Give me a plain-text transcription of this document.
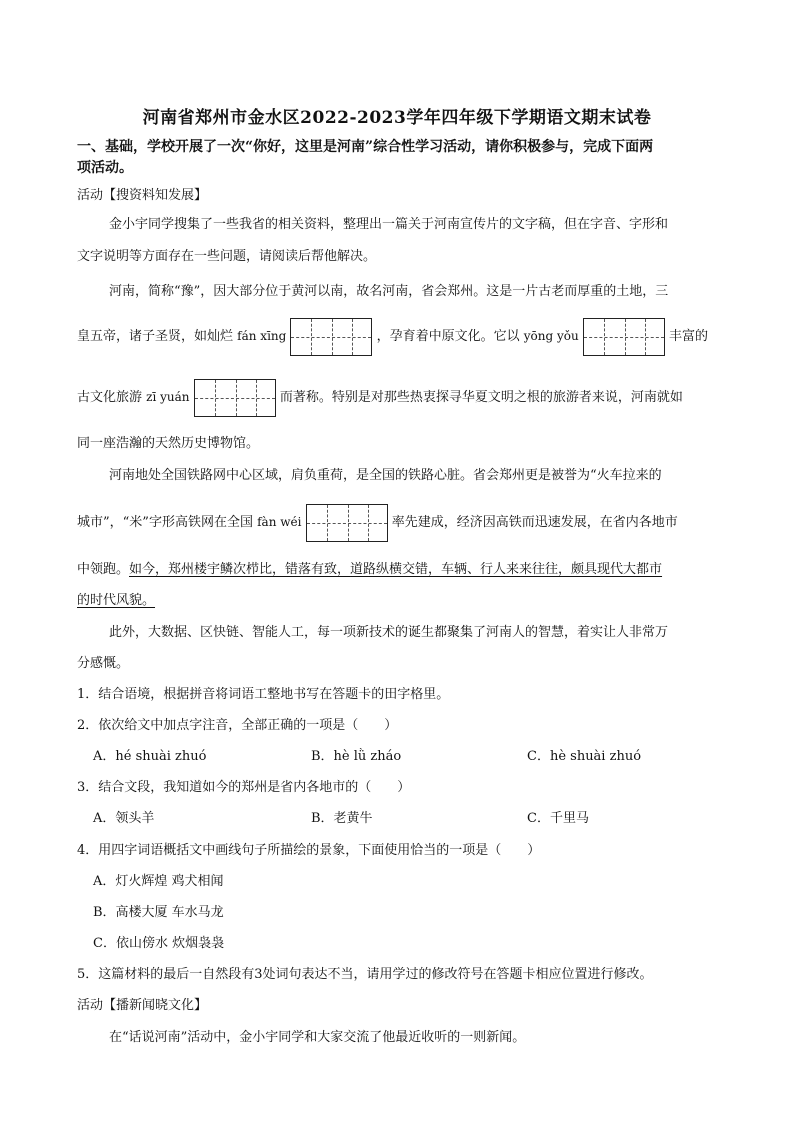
河南省郑州市金水区2022-2023学年四年级下学期语文期末试卷
一、基础，学校开展了一次“你好，这里是河南”综合性学习活动，请你积极参与，完成下面两
项活动。
活动【搜资料知发展】
金小宇同学搜集了一些我省的相关资料，整理出一篇关于河南宣传片的文字稿，但在字音、字形和
文字说明等方面存在一些问题，请阅读后帮他解决。
河南，简称“豫”，因大部分位于黄河以南，故名河南，省会郑州。这是一片古老而厚重的土地，三
皇五帝，诸子圣贤，如灿烂 fán xīng	，孕育着中原文化。它以 yōng yǒu	丰富的
古文化旅游 zī yuán	而著称。特别是对那些热衷探寻华夏文明之根的旅游者来说，河南就如
同一座浩瀚的天然历史博物馆。
河南地处全国铁路网中心区域，肩负重荷，是全国的铁路心脏。省会郑州更是被誉为“火车拉来的
城市”，“米”字形高铁网在全国 fàn wéi	率先建成，经济因高铁而迅速发展，在省内各地市
中领跑。如今，郑州楼宇鳞次栉比，错落有致，道路纵横交错，车辆、行人来来往往，颇具现代大都市
的时代风貌。
此外，大数据、区快链、智能人工，每一项新技术的诞生都聚集了河南人的智慧，着实让人非常万
分感慨。
1．结合语境，根据拼音将词语工整地书写在答题卡的田字格里。
2．依次给文中加点字注音，全部正确的一项是（　　）
A．hé shuài zhuó	B．hè lǜ zháo	C．hè shuài zhuó
3．结合文段，我知道如今的郑州是省内各地市的（　　）
A．领头羊	B．老黄牛	C．千里马
4．用四字词语概括文中画线句子所描绘的景象，下面使用恰当的一项是（　　）
A．灯火辉煌 鸡犬相闻
B．高楼大厦 车水马龙
C．依山傍水 炊烟袅袅
5．这篇材料的最后一自然段有3处词句表达不当，请用学过的修改符号在答题卡相应位置进行修改。
活动【播新闻晓文化】
在“话说河南”活动中，金小宇同学和大家交流了他最近收听的一则新闻。
